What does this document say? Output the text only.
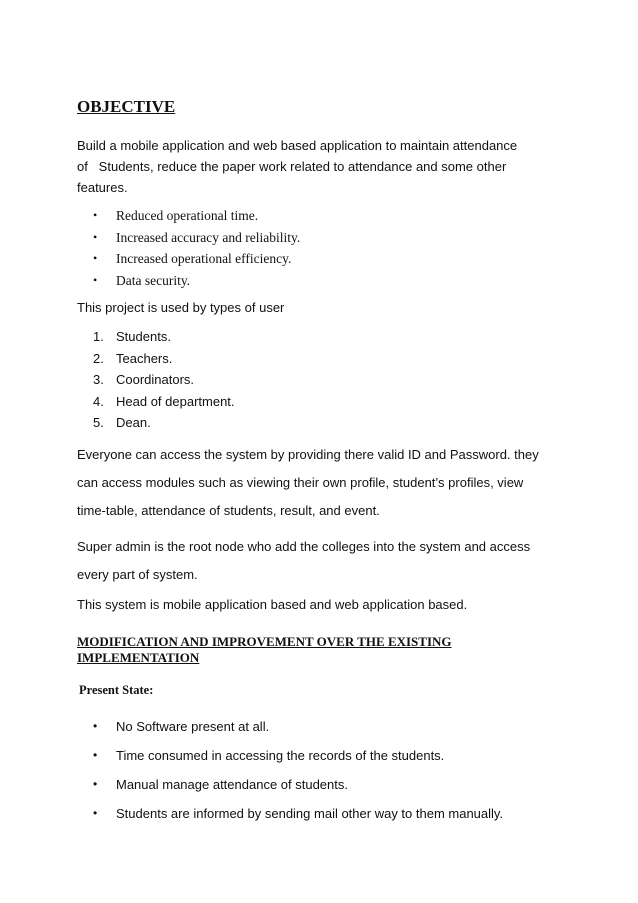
OBJECTIVE

Build a mobile application and web based application to maintain attendance
of   Students, reduce the paper work related to attendance and some other
features.

• Reduced operational time.
• Increased accuracy and reliability.
• Increased operational efficiency.
• Data security.

This project is used by types of user

1. Students.
2. Teachers.
3. Coordinators.
4. Head of department.
5. Dean.

Everyone can access the system by providing there valid ID and Password. they
can access modules such as viewing their own profile, student’s profiles, view
time-table, attendance of students, result, and event.

Super admin is the root node who add the colleges into the system and access
every part of system.

This system is mobile application based and web application based.

MODIFICATION AND IMPROVEMENT OVER THE EXISTING
IMPLEMENTATION

Present State:

• No Software present at all.
• Time consumed in accessing the records of the students.
• Manual manage attendance of students.
• Students are informed by sending mail other way to them manually.
